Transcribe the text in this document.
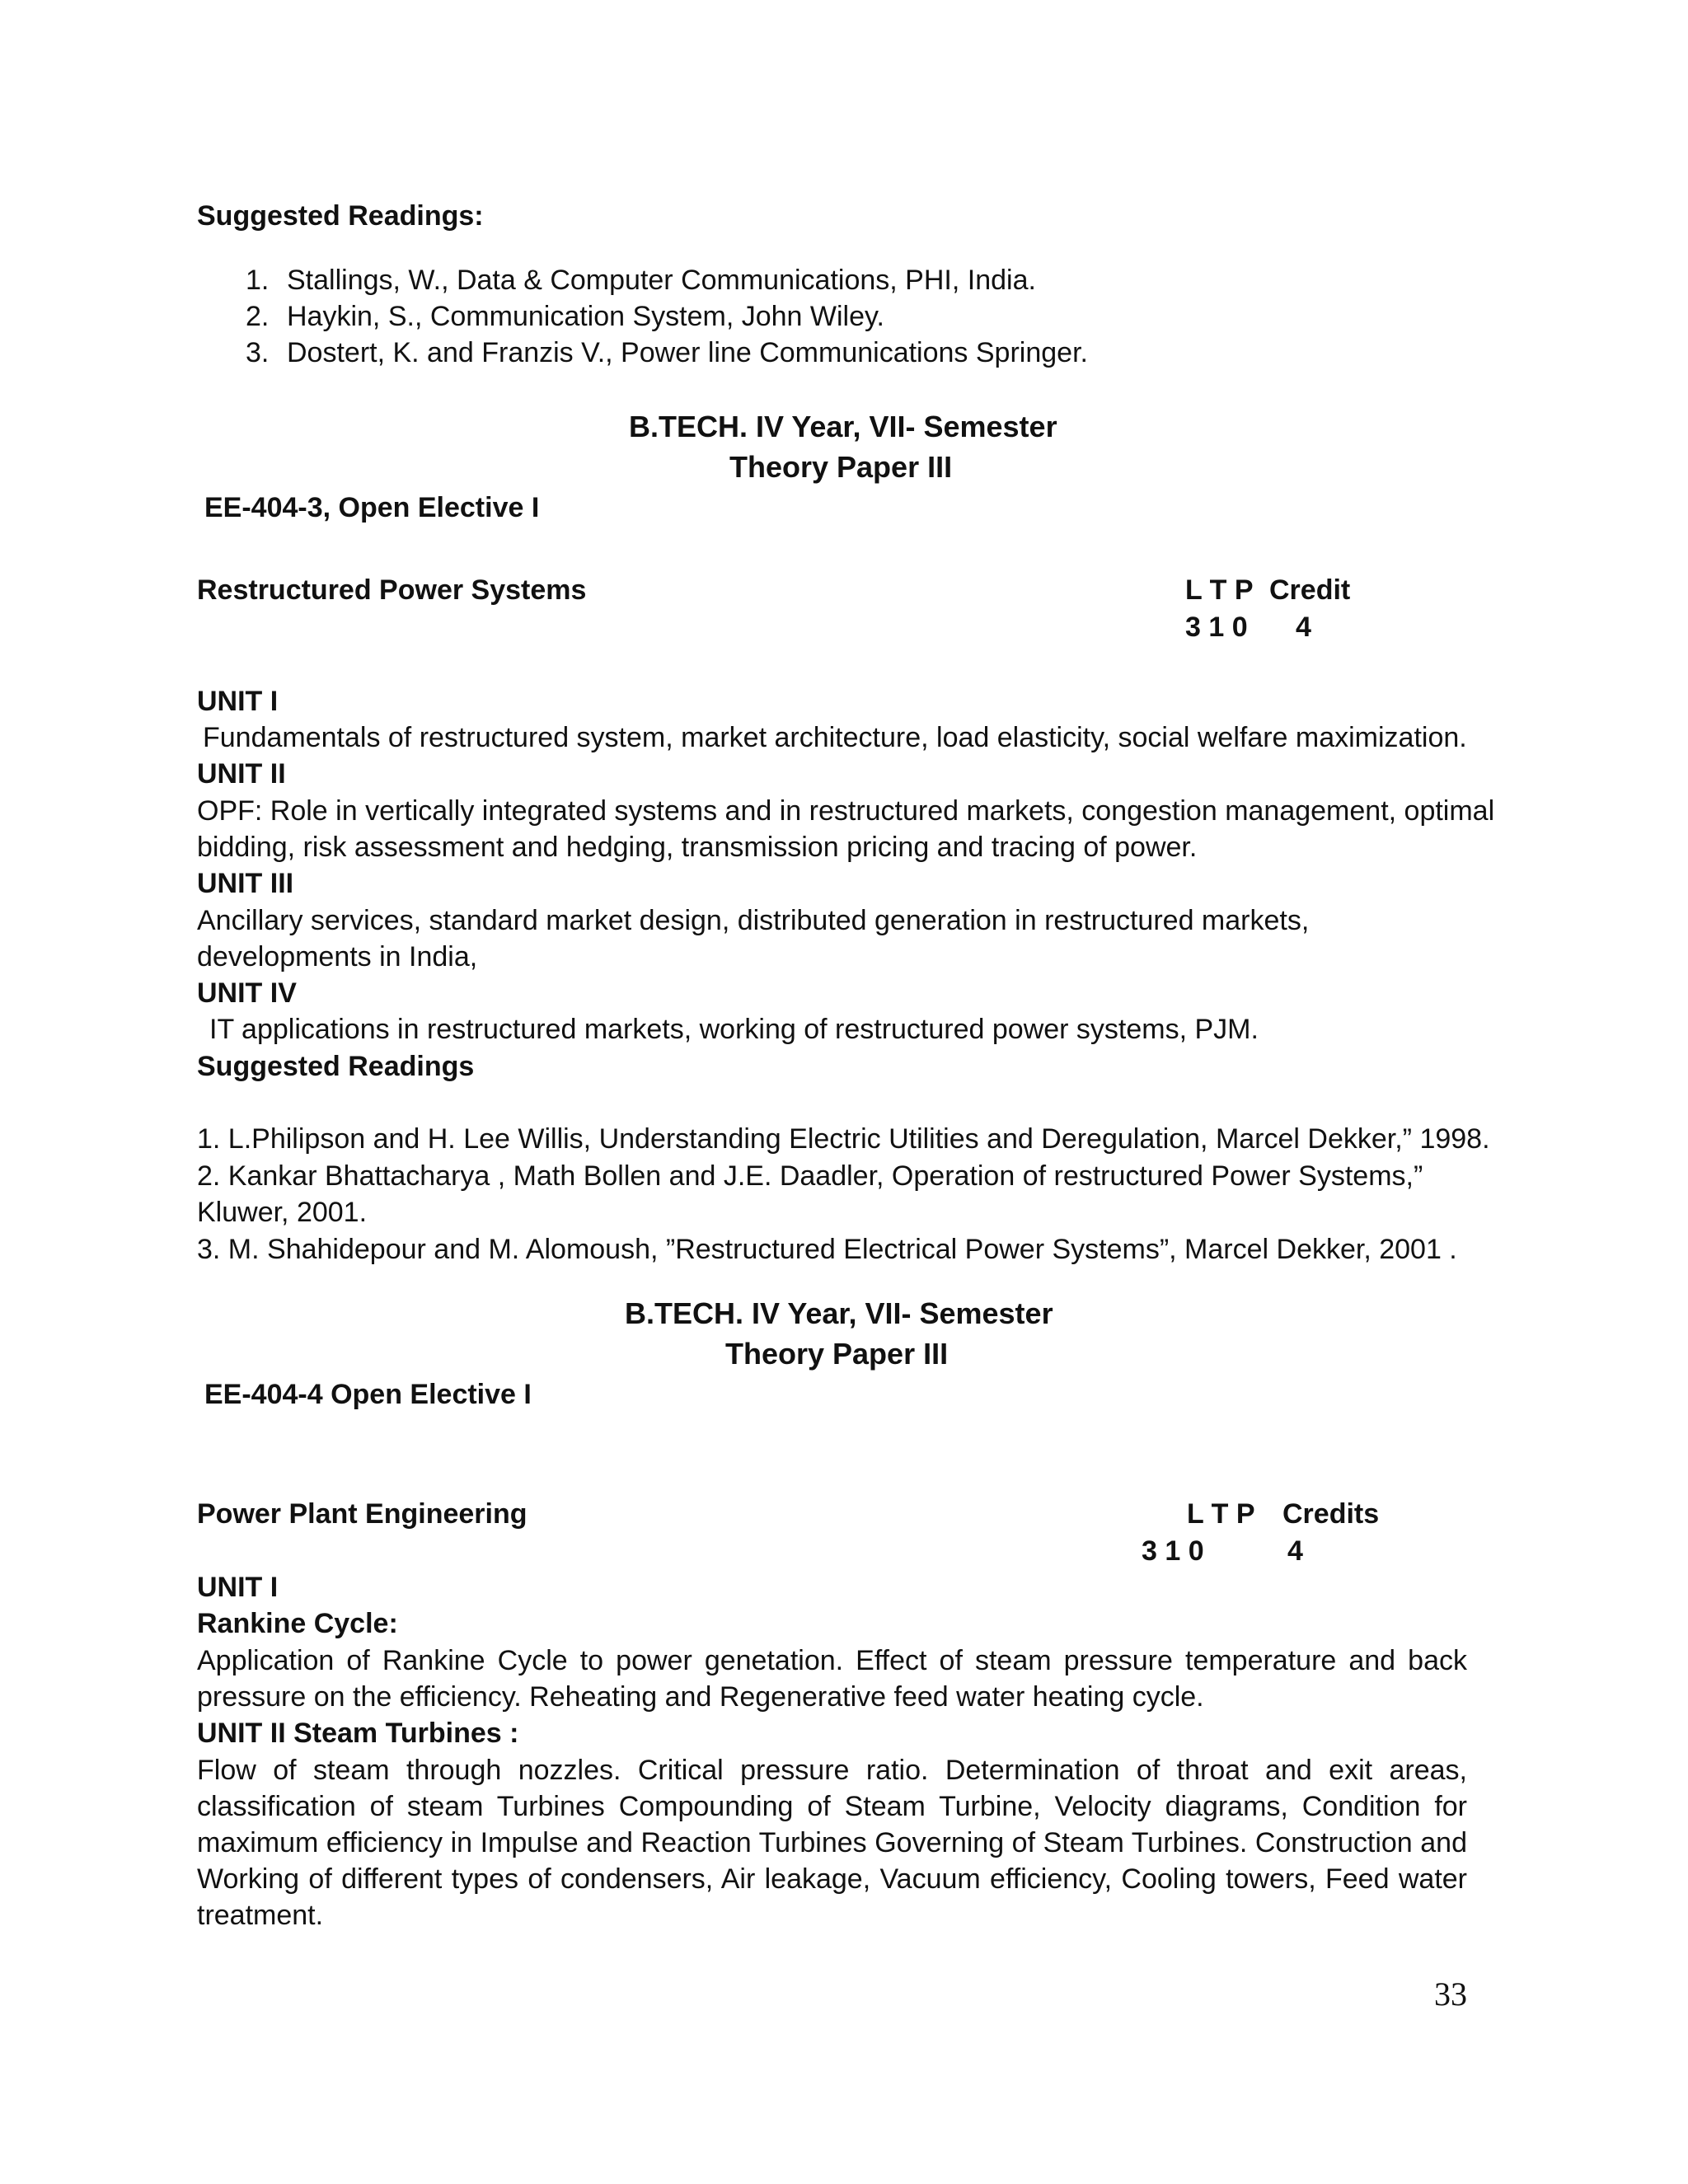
Suggested Readings:
1. Stallings, W., Data & Computer Communications, PHI, India.
2. Haykin, S., Communication System, John Wiley.
3. Dostert, K. and Franzis V., Power line Communications Springer.
B.TECH. IV Year, VII- Semester
Theory Paper III
EE-404-3, Open Elective I
Restructured Power Systems	L T P Credit
3 1 0 4
UNIT I
Fundamentals of restructured system, market architecture, load elasticity, social welfare maximization.
UNIT II
OPF: Role in vertically integrated systems and in restructured markets, congestion management, optimal
bidding, risk assessment and hedging, transmission pricing and tracing of power.
UNIT III
Ancillary services, standard market design, distributed generation in restructured markets,
developments in India,
UNIT IV
IT applications in restructured markets, working of restructured power systems, PJM.
Suggested Readings
1. L.Philipson and H. Lee Willis, Understanding Electric Utilities and Deregulation, Marcel Dekker,” 1998.
2. Kankar Bhattacharya , Math Bollen and J.E. Daadler, Operation of restructured Power Systems,”
Kluwer, 2001.
3. M. Shahidepour and M. Alomoush, ”Restructured Electrical Power Systems”, Marcel Dekker, 2001 .
B.TECH. IV Year, VII- Semester
Theory Paper III
EE-404-4 Open Elective I
Power Plant Engineering	L T P Credits
3 1 0	4
UNIT I
Rankine Cycle:
Application of Rankine Cycle to power genetation. Effect of steam pressure temperature and back pressure on the efficiency. Reheating and Regenerative feed water heating cycle.
UNIT II Steam Turbines :
Flow of steam through nozzles. Critical pressure ratio. Determination of throat and exit areas, classification of steam Turbines Compounding of Steam Turbine, Velocity diagrams, Condition for maximum efficiency in Impulse and Reaction Turbines Governing of Steam Turbines. Construction and Working of different types of condensers, Air leakage, Vacuum efficiency, Cooling towers, Feed water treatment.
33
